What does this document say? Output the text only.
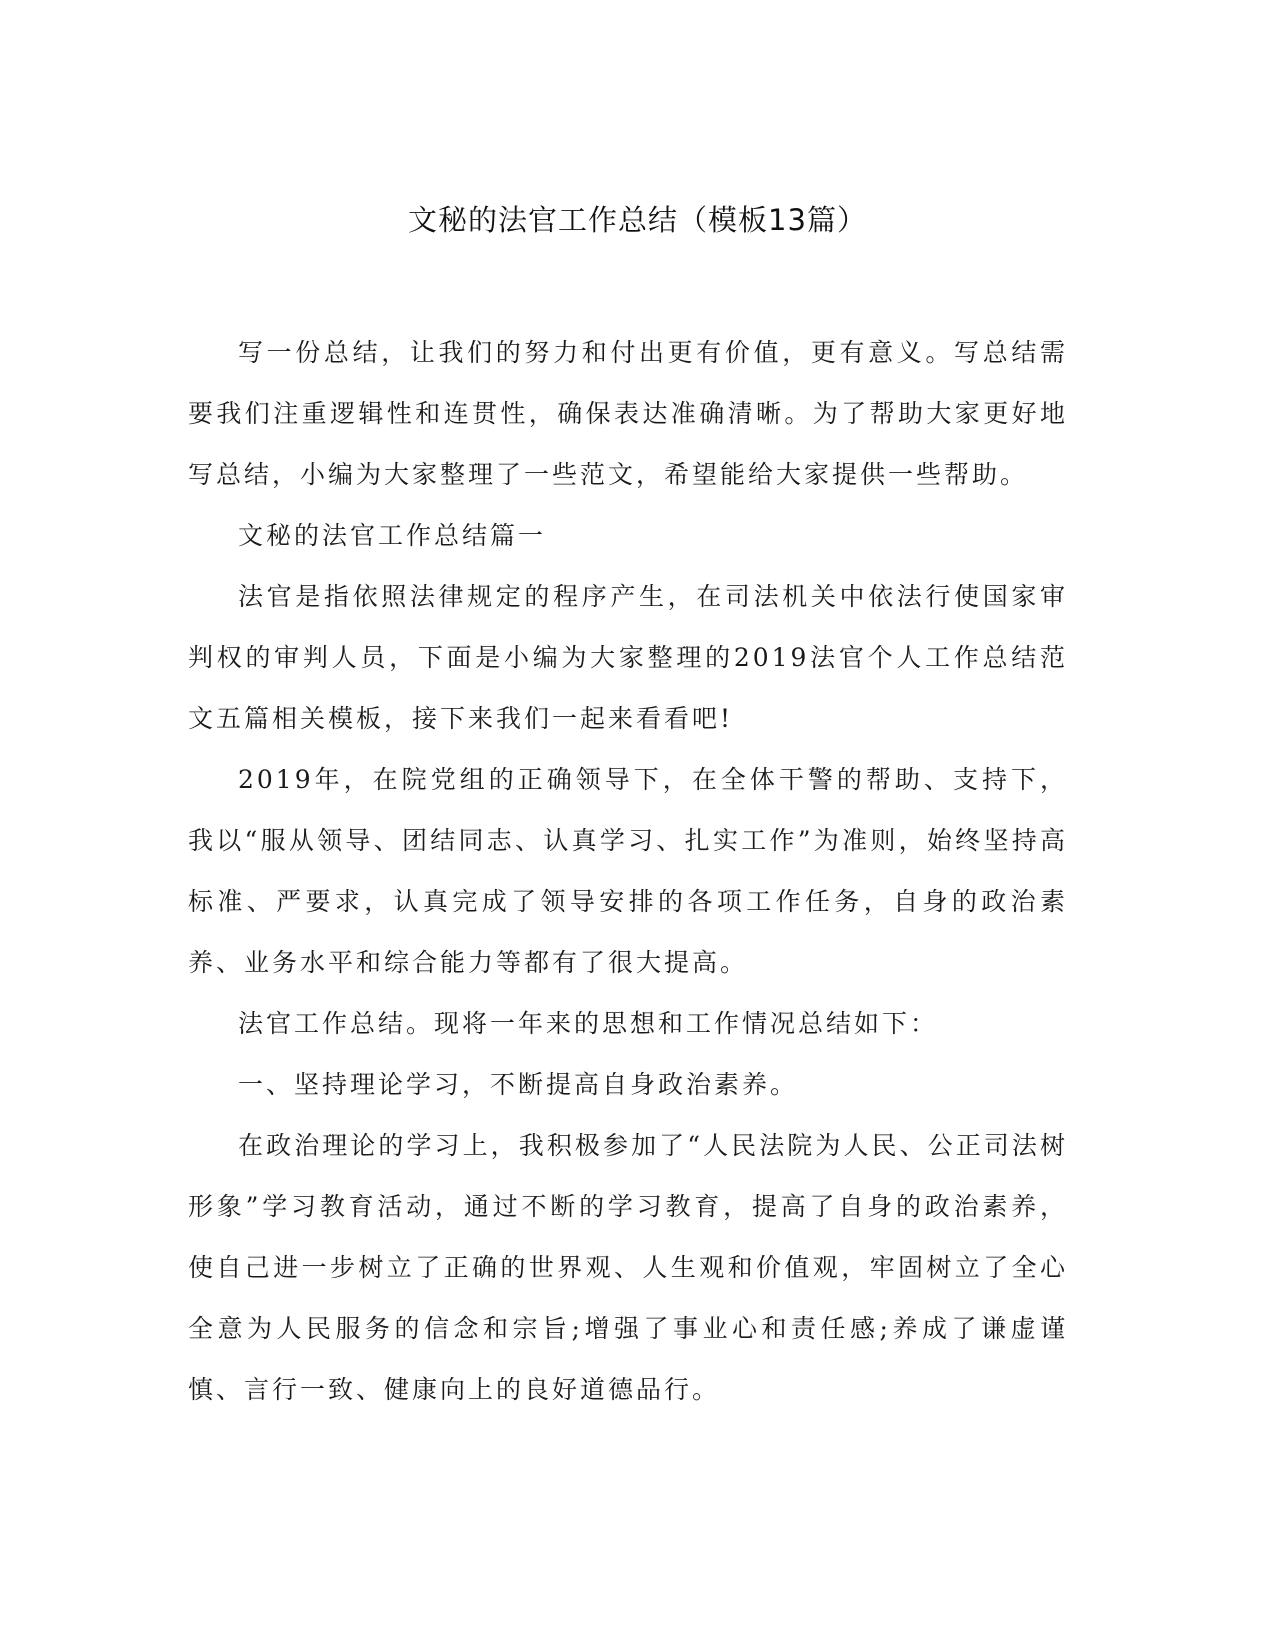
文秘的法官工作总结（模板13篇）

写一份总结，让我们的努力和付出更有价值，更有意义。写总结需要我们注重逻辑性和连贯性，确保表达准确清晰。为了帮助大家更好地写总结，小编为大家整理了一些范文，希望能给大家提供一些帮助。

文秘的法官工作总结篇一

法官是指依照法律规定的程序产生，在司法机关中依法行使国家审判权的审判人员，下面是小编为大家整理的2019法官个人工作总结范文五篇相关模板，接下来我们一起来看看吧!

2019年，在院党组的正确领导下，在全体干警的帮助、支持下，我以“服从领导、团结同志、认真学习、扎实工作”为准则，始终坚持高标准、严要求，认真完成了领导安排的各项工作任务，自身的政治素养、业务水平和综合能力等都有了很大提高。

法官工作总结。现将一年来的思想和工作情况总结如下：

一、坚持理论学习，不断提高自身政治素养。

在政治理论的学习上，我积极参加了“人民法院为人民、公正司法树形象”学习教育活动，通过不断的学习教育，提高了自身的政治素养，使自己进一步树立了正确的世界观、人生观和价值观，牢固树立了全心全意为人民服务的信念和宗旨;增强了事业心和责任感;养成了谦虚谨慎、言行一致、健康向上的良好道德品行。
